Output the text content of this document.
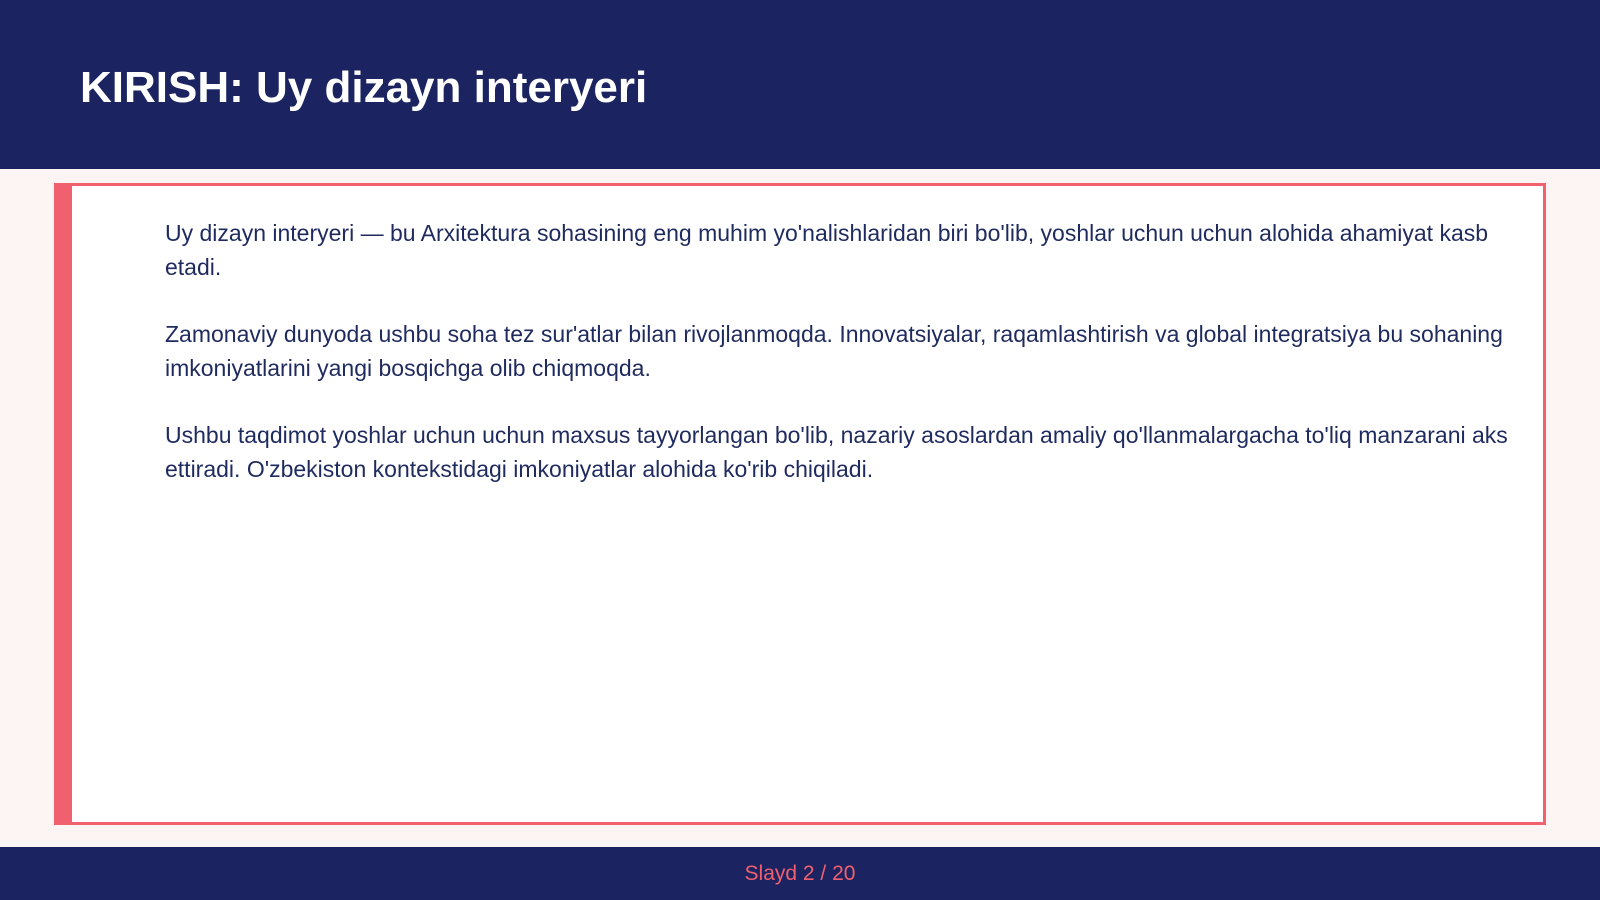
KIRISH: Uy dizayn interyeri

Uy dizayn interyeri — bu Arxitektura sohasining eng muhim yo'nalishlaridan biri bo'lib, yoshlar uchun uchun alohida ahamiyat kasb etadi.

Zamonaviy dunyoda ushbu soha tez sur'atlar bilan rivojlanmoqda. Innovatsiyalar, raqamlashtirish va global integratsiya bu sohaning imkoniyatlarini yangi bosqichga olib chiqmoqda.

Ushbu taqdimot yoshlar uchun uchun maxsus tayyorlangan bo'lib, nazariy asoslardan amaliy qo'llanmalargacha to'liq manzarani aks ettiradi. O'zbekiston kontekstidagi imkoniyatlar alohida ko'rib chiqiladi.

Slayd 2 / 20
